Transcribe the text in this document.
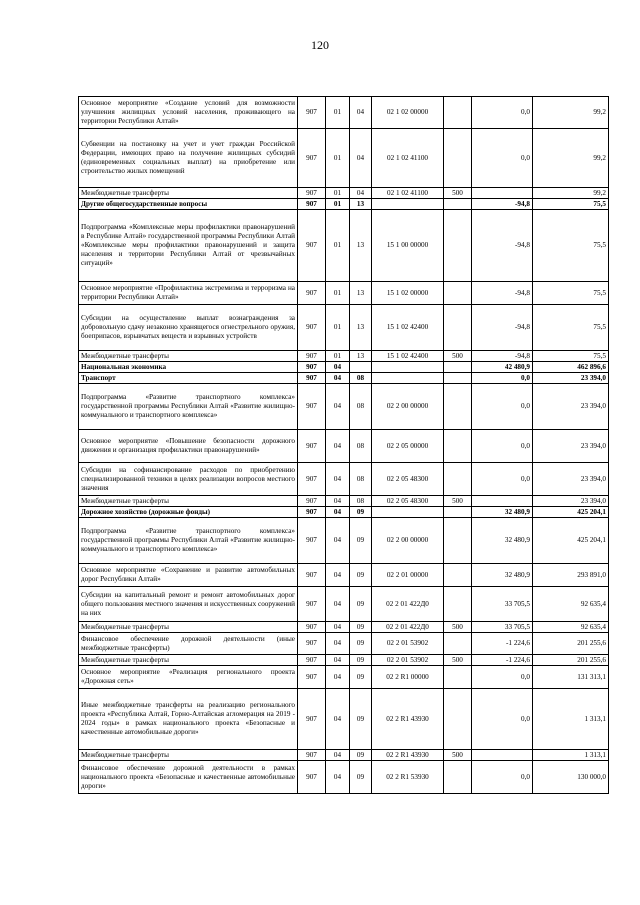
120
Основное мероприятие «Создание условий для возможности улучшения жилищных условий населения, проживающего на территории Республики Алтай»	907	01	04	02 1 02 00000		0,0	99,2
Субвенции на постановку на учет и учет граждан Российской Федерации, имеющих право на получение жилищных субсидий (единовременных социальных выплат) на приобретение или строительство жилых помещений	907	01	04	02 1 02 41100		0,0	99,2
Межбюджетные трансферты	907	01	04	02 1 02 41100	500		99,2
Другие общегосударственные вопросы	907	01	13			-94,8	75,5
Подпрограмма «Комплексные меры профилактики правонарушений в Республике Алтай» государственной программы Республики Алтай «Комплексные меры профилактики правонарушений и защита населения и территории Республики Алтай от чрезвычайных ситуаций»	907	01	13	15 1 00 00000		-94,8	75,5
Основное мероприятие «Профилактика экстремизма и терроризма на территории Республики Алтай»	907	01	13	15 1 02 00000		-94,8	75,5
Субсидии на осуществление выплат вознаграждения за добровольную сдачу незаконно хранящегося огнестрельного оружия, боеприпасов, взрывчатых веществ и взрывных устройств	907	01	13	15 1 02 42400		-94,8	75,5
Межбюджетные трансферты	907	01	13	15 1 02 42400	500	-94,8	75,5
Национальная экономика	907	04				42 480,9	462 896,6
Транспорт	907	04	08			0,0	23 394,0
Подпрограмма «Развитие транспортного комплекса» государственной программы Республики Алтай «Развитие жилищно-коммунального и транспортного комплекса»	907	04	08	02 2 00 00000		0,0	23 394,0
Основное мероприятие «Повышение безопасности дорожного движения и организация профилактики правонарушений»	907	04	08	02 2 05 00000		0,0	23 394,0
Субсидии на софинансирование расходов по приобретению специализированной техники в целях реализации вопросов местного значения	907	04	08	02 2 05 48300		0,0	23 394,0
Межбюджетные трансферты	907	04	08	02 2 05 48300	500		23 394,0
Дорожное хозяйство (дорожные фонды)	907	04	09			32 480,9	425 204,1
Подпрограмма «Развитие транспортного комплекса» государственной программы Республики Алтай «Развитие жилищно-коммунального и транспортного комплекса»	907	04	09	02 2 00 00000		32 480,9	425 204,1
Основное мероприятие «Сохранение и развитие автомобильных дорог Республики Алтай»	907	04	09	02 2 01 00000		32 480,9	293 891,0
Субсидии на капитальный ремонт и ремонт автомобильных дорог общего пользования местного значения и искусственных сооружений на них	907	04	09	02 2 01 422Д0		33 705,5	92 635,4
Межбюджетные трансферты	907	04	09	02 2 01 422Д0	500	33 705,5	92 635,4
Финансовое обеспечение дорожной деятельности (иные межбюджетные трансферты)	907	04	09	02 2 01 53902		-1 224,6	201 255,6
Межбюджетные трансферты	907	04	09	02 2 01 53902	500	-1 224,6	201 255,6
Основное мероприятие «Реализация регионального проекта «Дорожная сеть»	907	04	09	02 2 R1 00000		0,0	131 313,1
Иные межбюджетные трансферты на реализацию регионального проекта «Республика Алтай, Горно-Алтайская агломерация на 2019 - 2024 годы» в рамках национального проекта «Безопасные и качественные автомобильные дороги»	907	04	09	02 2 R1 43930		0,0	1 313,1
Межбюджетные трансферты	907	04	09	02 2 R1 43930	500		1 313,1
Финансовое обеспечение дорожной деятельности в рамках национального проекта «Безопасные и качественные автомобильные дороги»	907	04	09	02 2 R1 53930		0,0	130 000,0
